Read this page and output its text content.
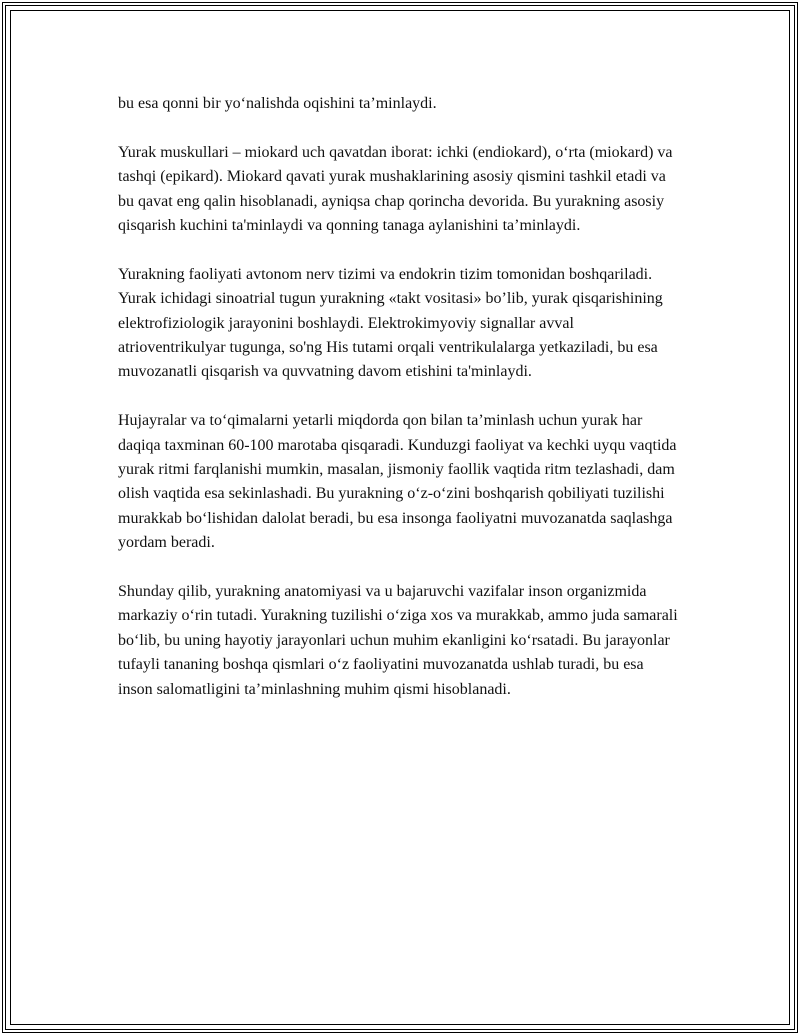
bu esa qonni bir yo‘nalishda oqishini ta’minlaydi.

Yurak muskullari – miokard uch qavatdan iborat: ichki (endiokard), o‘rta (miokard) va tashqi (epikard). Miokard qavati yurak mushaklarining asosiy qismini tashkil etadi va bu qavat eng qalin hisoblanadi, ayniqsa chap qorincha devorida. Bu yurakning asosiy qisqarish kuchini ta'minlaydi va qonning tanaga aylanishini ta’minlaydi.

Yurakning faoliyati avtonom nerv tizimi va endokrin tizim tomonidan boshqariladi. Yurak ichidagi sinoatrial tugun yurakning «takt vositasi» bo’lib, yurak qisqarishining elektrofiziologik jarayonini boshlaydi. Elektrokimyoviy signallar avval atrioventrikulyar tugunga, so'ng His tutami orqali ventrikulalarga yetkaziladi, bu esa muvozanatli qisqarish va quvvatning davom etishini ta'minlaydi.

Hujayralar va to‘qimalarni yetarli miqdorda qon bilan ta’minlash uchun yurak har daqiqa taxminan 60-100 marotaba qisqaradi. Kunduzgi faoliyat va kechki uyqu vaqtida yurak ritmi farqlanishi mumkin, masalan, jismoniy faollik vaqtida ritm tezlashadi, dam olish vaqtida esa sekinlashadi. Bu yurakning o‘z-o‘zini boshqarish qobiliyati tuzilishi murakkab bo‘lishidan dalolat beradi, bu esa insonga faoliyatni muvozanatda saqlashga yordam beradi.

Shunday qilib, yurakning anatomiyasi va u bajaruvchi vazifalar inson organizmida markaziy o‘rin tutadi. Yurakning tuzilishi o‘ziga xos va murakkab, ammo juda samarali bo‘lib, bu uning hayotiy jarayonlari uchun muhim ekanligini ko‘rsatadi. Bu jarayonlar tufayli tananing boshqa qismlari o‘z faoliyatini muvozanatda ushlab turadi, bu esa inson salomatligini ta’minlashning muhim qismi hisoblanadi.
